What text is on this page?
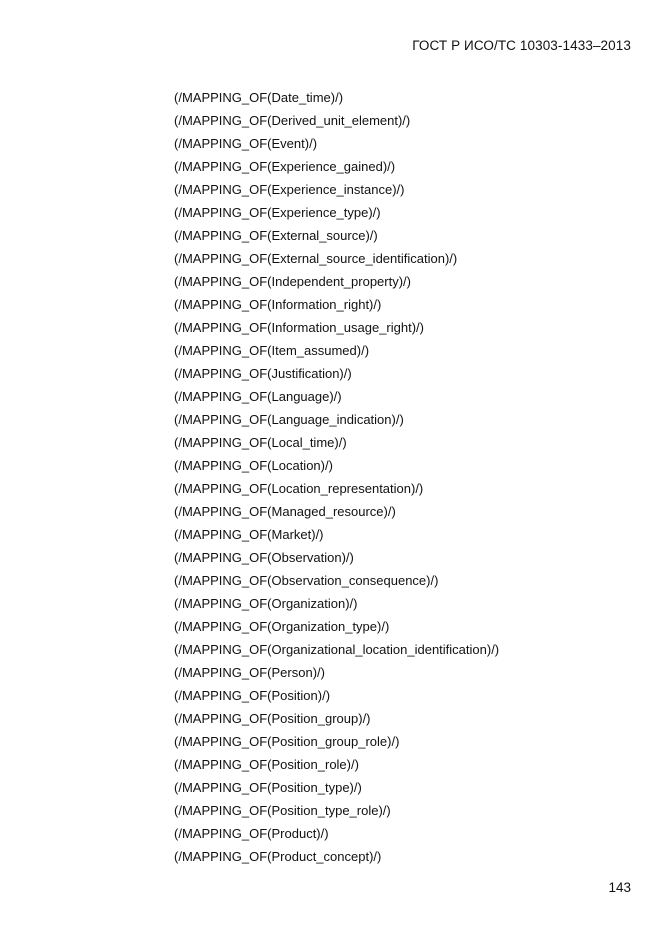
ГОСТ Р ИСО/ТС 10303-1433–2013
(/MAPPING_OF(Date_time)/)
(/MAPPING_OF(Derived_unit_element)/)
(/MAPPING_OF(Event)/)
(/MAPPING_OF(Experience_gained)/)
(/MAPPING_OF(Experience_instance)/)
(/MAPPING_OF(Experience_type)/)
(/MAPPING_OF(External_source)/)
(/MAPPING_OF(External_source_identification)/)
(/MAPPING_OF(Independent_property)/)
(/MAPPING_OF(Information_right)/)
(/MAPPING_OF(Information_usage_right)/)
(/MAPPING_OF(Item_assumed)/)
(/MAPPING_OF(Justification)/)
(/MAPPING_OF(Language)/)
(/MAPPING_OF(Language_indication)/)
(/MAPPING_OF(Local_time)/)
(/MAPPING_OF(Location)/)
(/MAPPING_OF(Location_representation)/)
(/MAPPING_OF(Managed_resource)/)
(/MAPPING_OF(Market)/)
(/MAPPING_OF(Observation)/)
(/MAPPING_OF(Observation_consequence)/)
(/MAPPING_OF(Organization)/)
(/MAPPING_OF(Organization_type)/)
(/MAPPING_OF(Organizational_location_identification)/)
(/MAPPING_OF(Person)/)
(/MAPPING_OF(Position)/)
(/MAPPING_OF(Position_group)/)
(/MAPPING_OF(Position_group_role)/)
(/MAPPING_OF(Position_role)/)
(/MAPPING_OF(Position_type)/)
(/MAPPING_OF(Position_type_role)/)
(/MAPPING_OF(Product)/)
(/MAPPING_OF(Product_concept)/)
143
